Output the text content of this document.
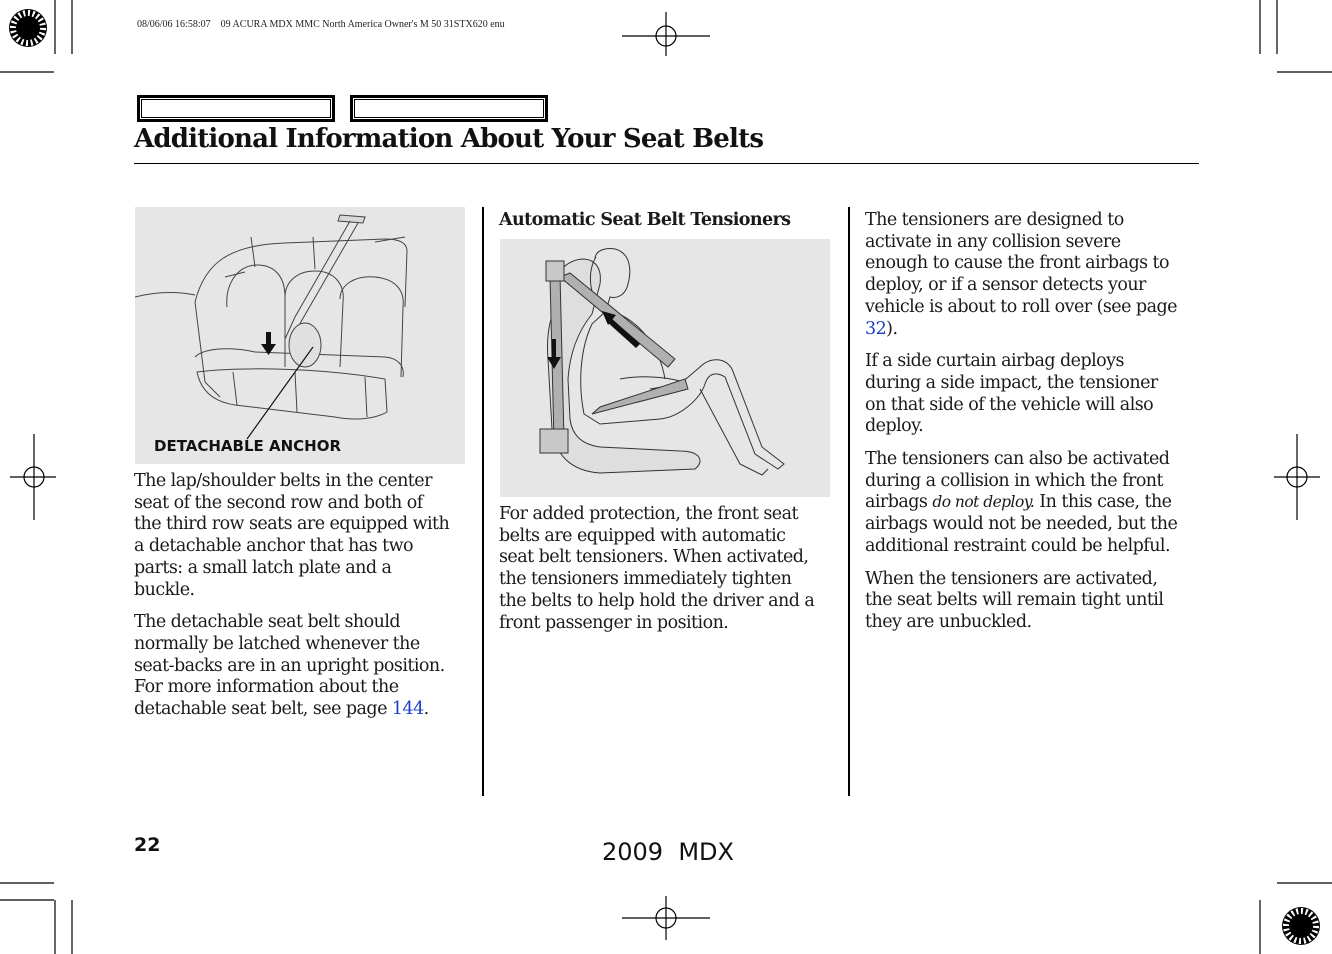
08/06/06 16:58:07    09 ACURA MDX MMC North America Owner's M 50 31STX620 enu
Additional Information About Your Seat Belts
DETACHABLE ANCHOR

The lap/shoulder belts in the center
seat of the second row and both of
the third row seats are equipped with
a detachable anchor that has two
parts: a small latch plate and a
buckle.

The detachable seat belt should
normally be latched whenever the
seat-backs are in an upright position.
For more information about the
detachable seat belt, see page 144.

Automatic Seat Belt Tensioners

For added protection, the front seat
belts are equipped with automatic
seat belt tensioners. When activated,
the tensioners immediately tighten
the belts to help hold the driver and a
front passenger in position.

The tensioners are designed to
activate in any collision severe
enough to cause the front airbags to
deploy, or if a sensor detects your
vehicle is about to roll over (see page
32).

If a side curtain airbag deploys
during a side impact, the tensioner
on that side of the vehicle will also
deploy.

The tensioners can also be activated
during a collision in which the front
airbags do not deploy. In this case, the
airbags would not be needed, but the
additional restraint could be helpful.

When the tensioners are activated,
the seat belts will remain tight until
they are unbuckled.

22	2009  MDX
